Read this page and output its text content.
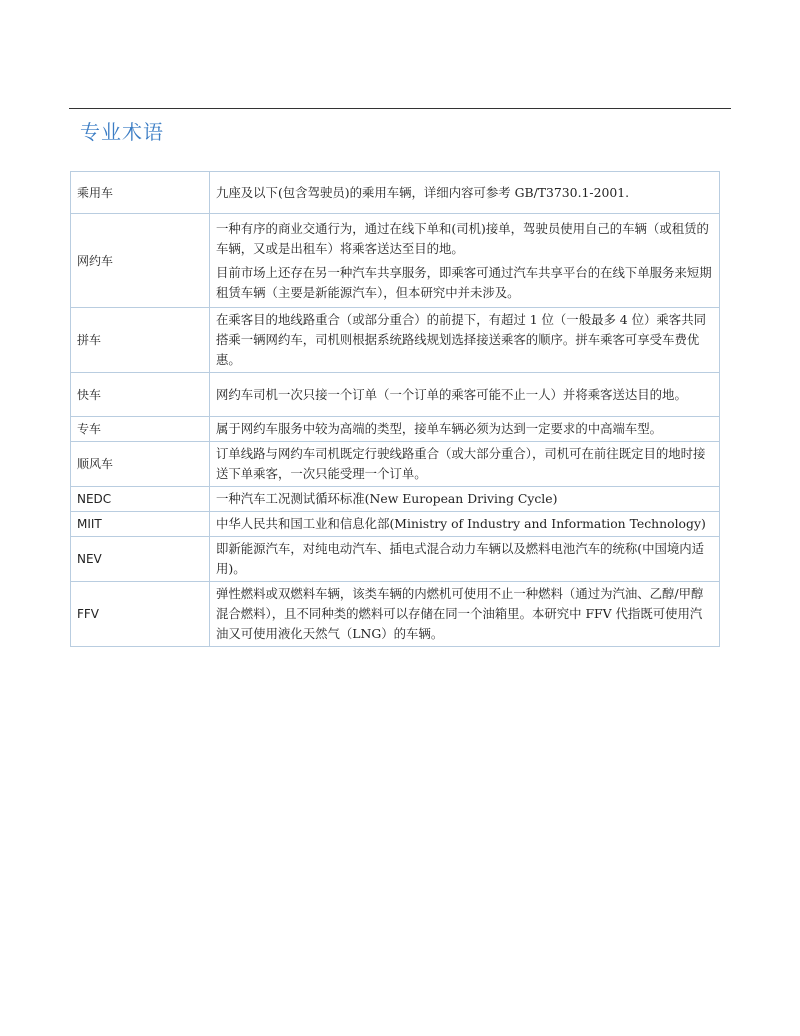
专业术语
乘用车	九座及以下(包含驾驶员)的乘用车辆，详细内容可参考 GB/T3730.1-2001.

网约车	一种有序的商业交通行为，通过在线下单和(司机)接单，驾驶员使用自己的车辆（或租赁的车辆，又或是出租车）将乘客送达至目的地。

目前市场上还存在另一种汽车共享服务，即乘客可通过汽车共享平台的在线下单服务来短期租赁车辆（主要是新能源汽车），但本研究中并未涉及。

拼车	在乘客目的地线路重合（或部分重合）的前提下，有超过 1 位（一般最多 4 位）乘客共同搭乘一辆网约车，司机则根据系统路线规划选择接送乘客的顺序。拼车乘客可享受车费优惠。

快车	网约车司机一次只接一个订单（一个订单的乘客可能不止一人）并将乘客送达目的地。

专车	属于网约车服务中较为高端的类型，接单车辆必须为达到一定要求的中高端车型。

顺风车	订单线路与网约车司机既定行驶线路重合（或大部分重合），司机可在前往既定目的地时接送下单乘客，一次只能受理一个订单。

NEDC	一种汽车工况测试循环标准(New European Driving Cycle)

MIIT	中华人民共和国工业和信息化部(Ministry of Industry and Information Technology)

NEV	即新能源汽车，对纯电动汽车、插电式混合动力车辆以及燃料电池汽车的统称(中国境内适用)。

FFV	弹性燃料或双燃料车辆，该类车辆的内燃机可使用不止一种燃料（通过为汽油、乙醇/甲醇混合燃料），且不同种类的燃料可以存储在同一个油箱里。本研究中 FFV 代指既可使用汽油又可使用液化天然气（LNG）的车辆。
